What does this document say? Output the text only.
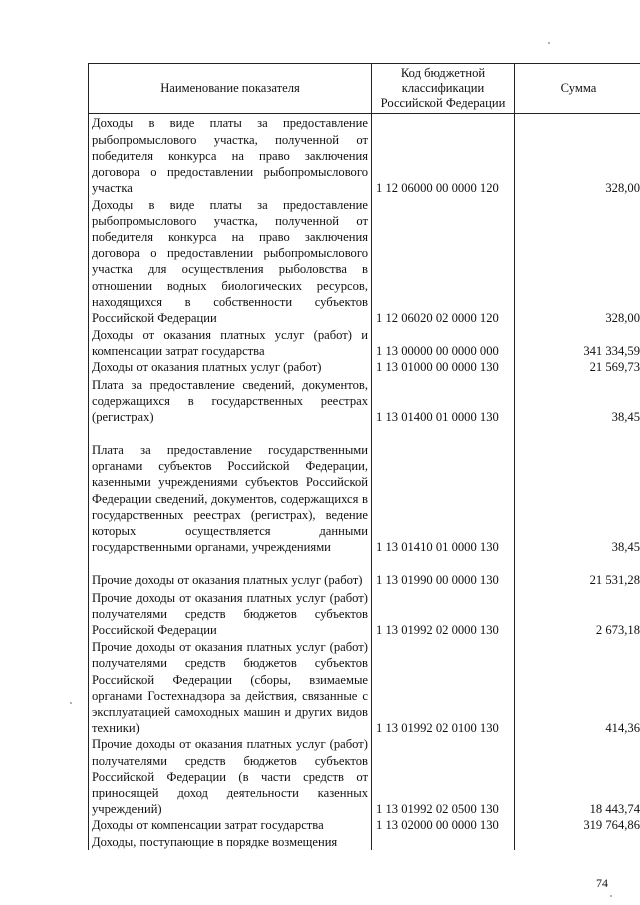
Наименование показателя	Код бюджетной классификации Российской Федерации	Сумма
Доходы в виде платы за предоставление рыбопромыслового участка, полученной от победителя конкурса на право заключения договора о предоставлении рыбопромыслового участка	1 12 06000 00 0000 120	328,00
Доходы в виде платы за предоставление рыбопромыслового участка, полученной от победителя конкурса на право заключения договора о предоставлении рыбопромыслового участка для осуществления рыболовства в отношении водных биологических ресурсов, находящихся в собственности субъектов Российской Федерации	1 12 06020 02 0000 120	328,00
Доходы от оказания платных услуг (работ) и компенсации затрат государства	1 13 00000 00 0000 000	341 334,59
Доходы от оказания платных услуг (работ)	1 13 01000 00 0000 130	21 569,73
Плата за предоставление сведений, документов, содержащихся в государственных реестрах (регистрах)	1 13 01400 01 0000 130	38,45
Плата за предоставление государственными органами субъектов Российской Федерации, казенными учреждениями субъектов Российской Федерации сведений, документов, содержащихся в государственных реестрах (регистрах), ведение которых осуществляется данными государственными органами, учреждениями	1 13 01410 01 0000 130	38,45
Прочие доходы от оказания платных услуг (работ)	1 13 01990 00 0000 130	21 531,28
Прочие доходы от оказания платных услуг (работ) получателями средств бюджетов субъектов Российской Федерации	1 13 01992 02 0000 130	2 673,18
Прочие доходы от оказания платных услуг (работ) получателями средств бюджетов субъектов Российской Федерации (сборы, взимаемые органами Гостехнадзора за действия, связанные с эксплуатацией самоходных машин и других видов техники)	1 13 01992 02 0100 130	414,36
Прочие доходы от оказания платных услуг (работ) получателями средств бюджетов субъектов Российской Федерации (в части средств от приносящей доход деятельности казенных учреждений)	1 13 01992 02 0500 130	18 443,74
Доходы от компенсации затрат государства	1 13 02000 00 0000 130	319 764,86
Доходы, поступающие в порядке возмещения		
74
